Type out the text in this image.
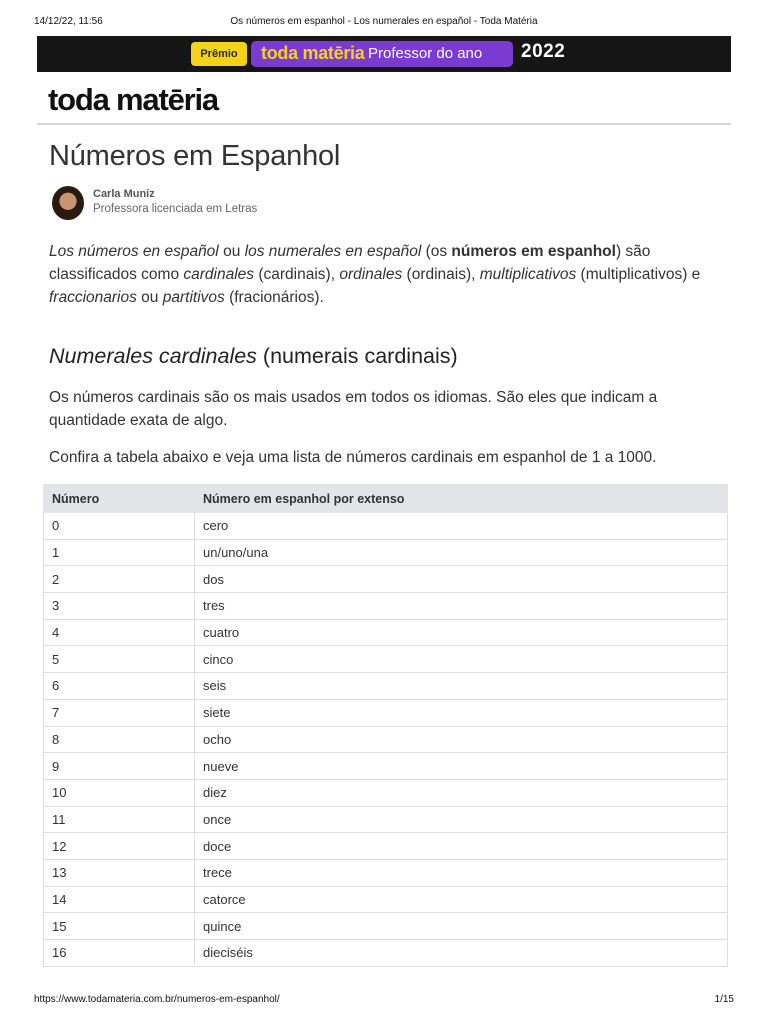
14/12/22, 11:56	Os números em espanhol - Los numerales en español - Toda Matéria
Prêmio	toda matēria Professor do ano 2022
toda matēria
Números em Espanhol
Carla Muniz
Professora licenciada em Letras

Los números en español ou los numerales en español (os números em espanhol) são classificados como cardinales (cardinais), ordinales (ordinais), multiplicativos (multiplicativos) e fraccionarios ou partitivos (fracionários).

Numerales cardinales (numerais cardinais)

Os números cardinais são os mais usados em todos os idiomas. São eles que indicam a quantidade exata de algo.

Confira a tabela abaixo e veja uma lista de números cardinais em espanhol de 1 a 1000.

Número	Número em espanhol por extenso
0	cero
1	un/uno/una
2	dos
3	tres
4	cuatro
5	cinco
6	seis
7	siete
8	ocho
9	nueve
10	diez
11	once
12	doce
13	trece
14	catorce
15	quince
16	dieciséis
https://www.todamateria.com.br/numeros-em-espanhol/	1/15
